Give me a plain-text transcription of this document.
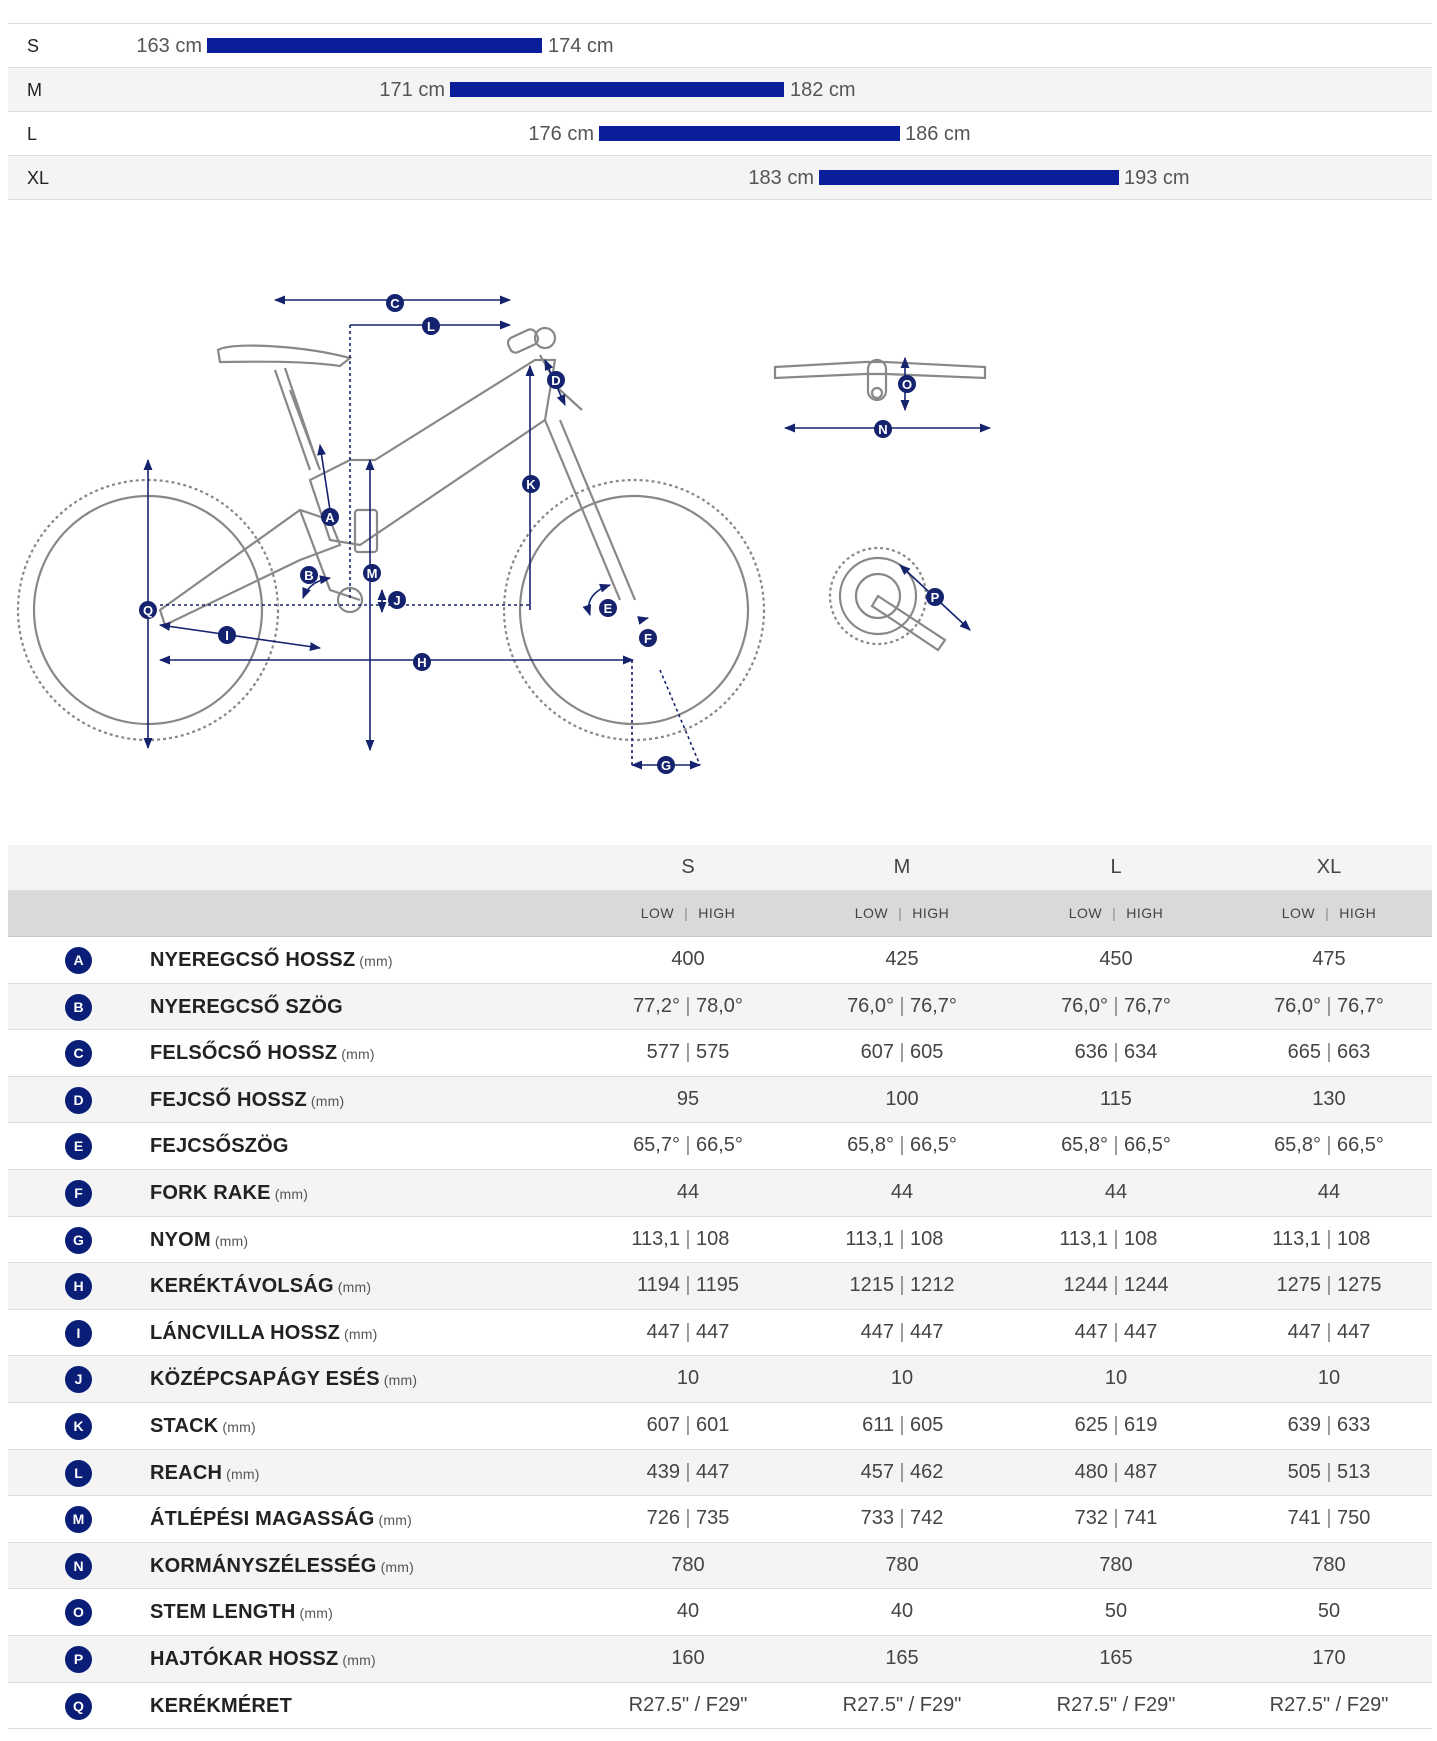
S	163 cm	174 cm
M	171 cm	182 cm
L	176 cm	186 cm
XL	183 cm	193 cm
A
B
C
D
E
F
G
H
I
J
K
L
M
N
O
P
Q
S	M	L	XL
LOW | HIGH	LOW | HIGH	LOW | HIGH	LOW | HIGH
A	NYEREGCSŐ HOSSZ (mm)	400	425	450	475
B	NYEREGCSŐ SZÖG	77,2° | 78,0°	76,0° | 76,7°	76,0° | 76,7°	76,0° | 76,7°
C	FELSŐCSŐ HOSSZ (mm)	577 | 575	607 | 605	636 | 634	665 | 663
D	FEJCSŐ HOSSZ (mm)	95	100	115	130
E	FEJCSŐSZÖG	65,7° | 66,5°	65,8° | 66,5°	65,8° | 66,5°	65,8° | 66,5°
F	FORK RAKE (mm)	44	44	44	44
G	NYOM (mm)	113,1 | 108	113,1 | 108	113,1 | 108	113,1 | 108
H	KERÉKTÁVOLSÁG (mm)	1194 | 1195	1215 | 1212	1244 | 1244	1275 | 1275
I	LÁNCVILLA HOSSZ (mm)	447 | 447	447 | 447	447 | 447	447 | 447
J	KÖZÉPCSAPÁGY ESÉS (mm)	10	10	10	10
K	STACK (mm)	607 | 601	611 | 605	625 | 619	639 | 633
L	REACH (mm)	439 | 447	457 | 462	480 | 487	505 | 513
M	ÁTLÉPÉSI MAGASSÁG (mm)	726 | 735	733 | 742	732 | 741	741 | 750
N	KORMÁNYSZÉLESSÉG (mm)	780	780	780	780
O	STEM LENGTH (mm)	40	40	50	50
P	HAJTÓKAR HOSSZ (mm)	160	165	165	170
Q	KERÉKMÉRET	R27.5" / F29"	R27.5" / F29"	R27.5" / F29"	R27.5" / F29"
